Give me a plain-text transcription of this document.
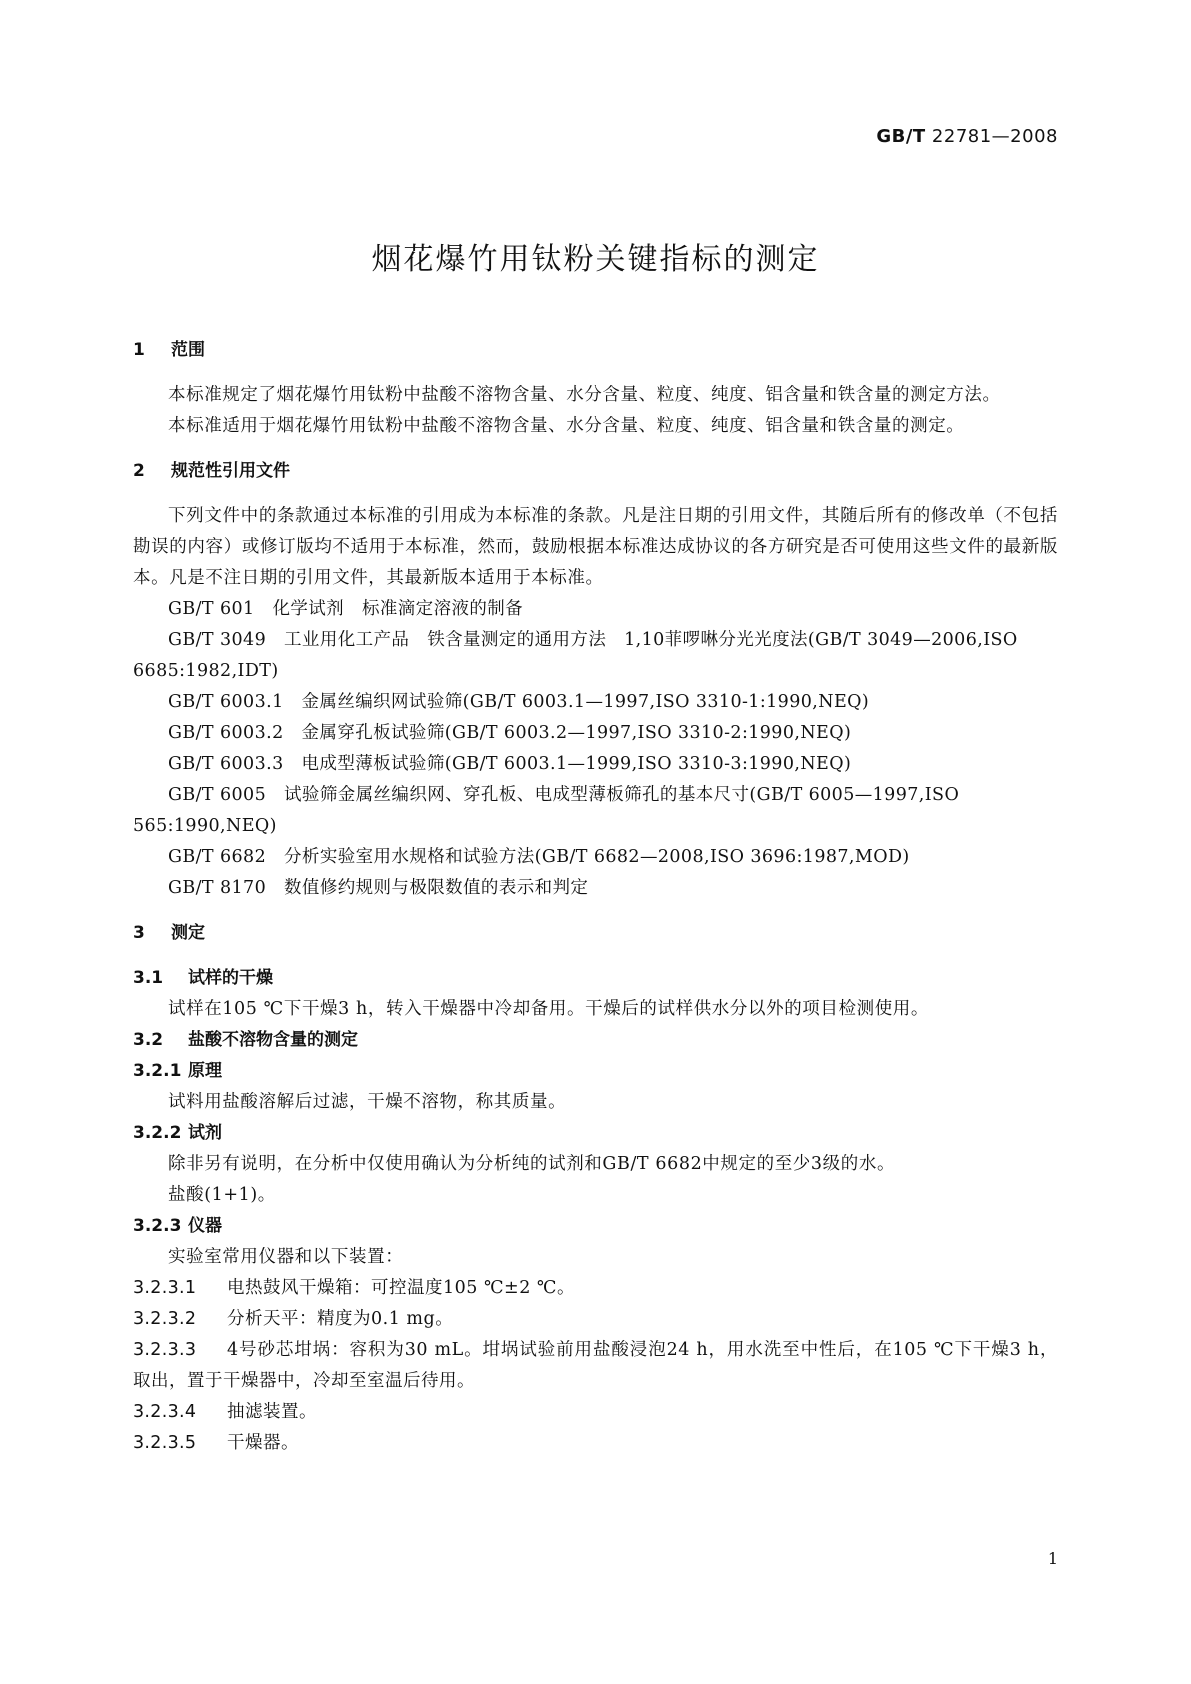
GB/T 22781—2008
烟花爆竹用钛粉关键指标的测定
1 范围

本标准规定了烟花爆竹用钛粉中盐酸不溶物含量、水分含量、粒度、纯度、铝含量和铁含量的测定方法。

本标准适用于烟花爆竹用钛粉中盐酸不溶物含量、水分含量、粒度、纯度、铝含量和铁含量的测定。

2 规范性引用文件

下列文件中的条款通过本标准的引用成为本标准的条款。凡是注日期的引用文件，其随后所有的修改单（不包括勘误的内容）或修订版均不适用于本标准，然而，鼓励根据本标准达成协议的各方研究是否可使用这些文件的最新版本。凡是不注日期的引用文件，其最新版本适用于本标准。

GB/T 601　 化学试剂　标准滴定溶液的制备

GB/T 3049　 工业用化工产品　铁含量测定的通用方法　1,10菲啰啉分光光度法(GB/T 3049—2006,ISO 6685:1982,IDT)

GB/T 6003.1　 金属丝编织网试验筛(GB/T 6003.1—1997,ISO 3310-1:1990,NEQ)

GB/T 6003.2　 金属穿孔板试验筛(GB/T 6003.2—1997,ISO 3310-2:1990,NEQ)

GB/T 6003.3　 电成型薄板试验筛(GB/T 6003.1—1999,ISO 3310-3:1990,NEQ)

GB/T 6005　 试验筛金属丝编织网、穿孔板、电成型薄板筛孔的基本尺寸(GB/T 6005—1997,ISO 565:1990,NEQ)

GB/T 6682　 分析实验室用水规格和试验方法(GB/T 6682—2008,ISO 3696:1987,MOD)

GB/T 8170　 数值修约规则与极限数值的表示和判定

3 测定
3.1 试样的干燥

试样在105 ℃下干燥3 h，转入干燥器中冷却备用。干燥后的试样供水分以外的项目检测使用。

3.2 盐酸不溶物含量的测定
3.2.1 原理

试料用盐酸溶解后过滤，干燥不溶物，称其质量。

3.2.2 试剂

除非另有说明，在分析中仅使用确认为分析纯的试剂和GB/T 6682中规定的至少3级的水。

盐酸(1+1)。

3.2.3 仪器

实验室常用仪器和以下装置：

3.2.3.1 电热鼓风干燥箱：可控温度105 ℃±2 ℃。

3.2.3.2 分析天平：精度为0.1 mg。

3.2.3.3 4号砂芯坩埚：容积为30 mL。坩埚试验前用盐酸浸泡24 h，用水洗至中性后，在105 ℃下干燥3 h，取出，置于干燥器中，冷却至室温后待用。

3.2.3.4 抽滤装置。

3.2.3.5 干燥器。

1
